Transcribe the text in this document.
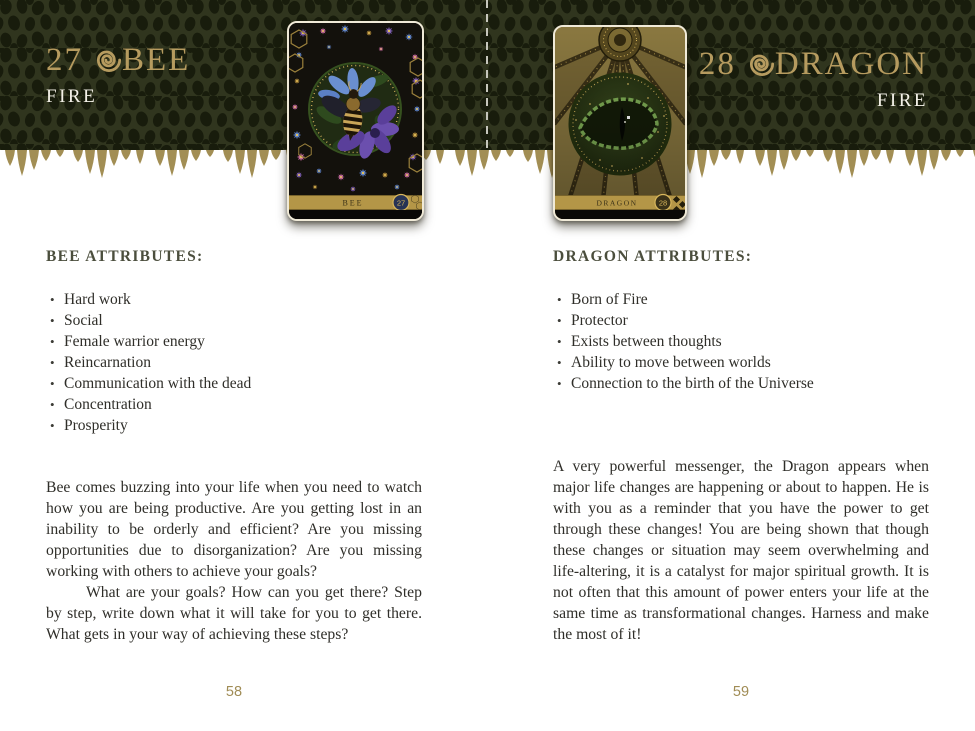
27 BEE
FIRE
28 DRAGON
FIRE
BEE	27	DRAGON	28
BEE ATTRIBUTES:
• Hard work
• Social
• Female warrior energy
• Reincarnation
• Communication with the dead
• Concentration
• Prosperity

Bee comes buzzing into your life when you need to watch how you are being productive. Are you getting lost in an inability to be orderly and efficient? Are you missing opportunities due to disorganization? Are you missing working with others to achieve your goals?

What are your goals? How can you get there? Step by step, write down what it will take for you to get there. What gets in your way of achieving these steps?

58
DRAGON ATTRIBUTES:
• Born of Fire
• Protector
• Exists between thoughts
• Ability to move between worlds
• Connection to the birth of the Universe

A very powerful messenger, the Dragon appears when major life changes are happening or about to happen. He is with you as a reminder that you have the power to get through these changes! You are being shown that though these changes or situation may seem overwhelming and life-altering, it is a catalyst for major spiritual growth. It is not often that this amount of power enters your life at the same time as transformational changes. Harness and make the most of it!

59
